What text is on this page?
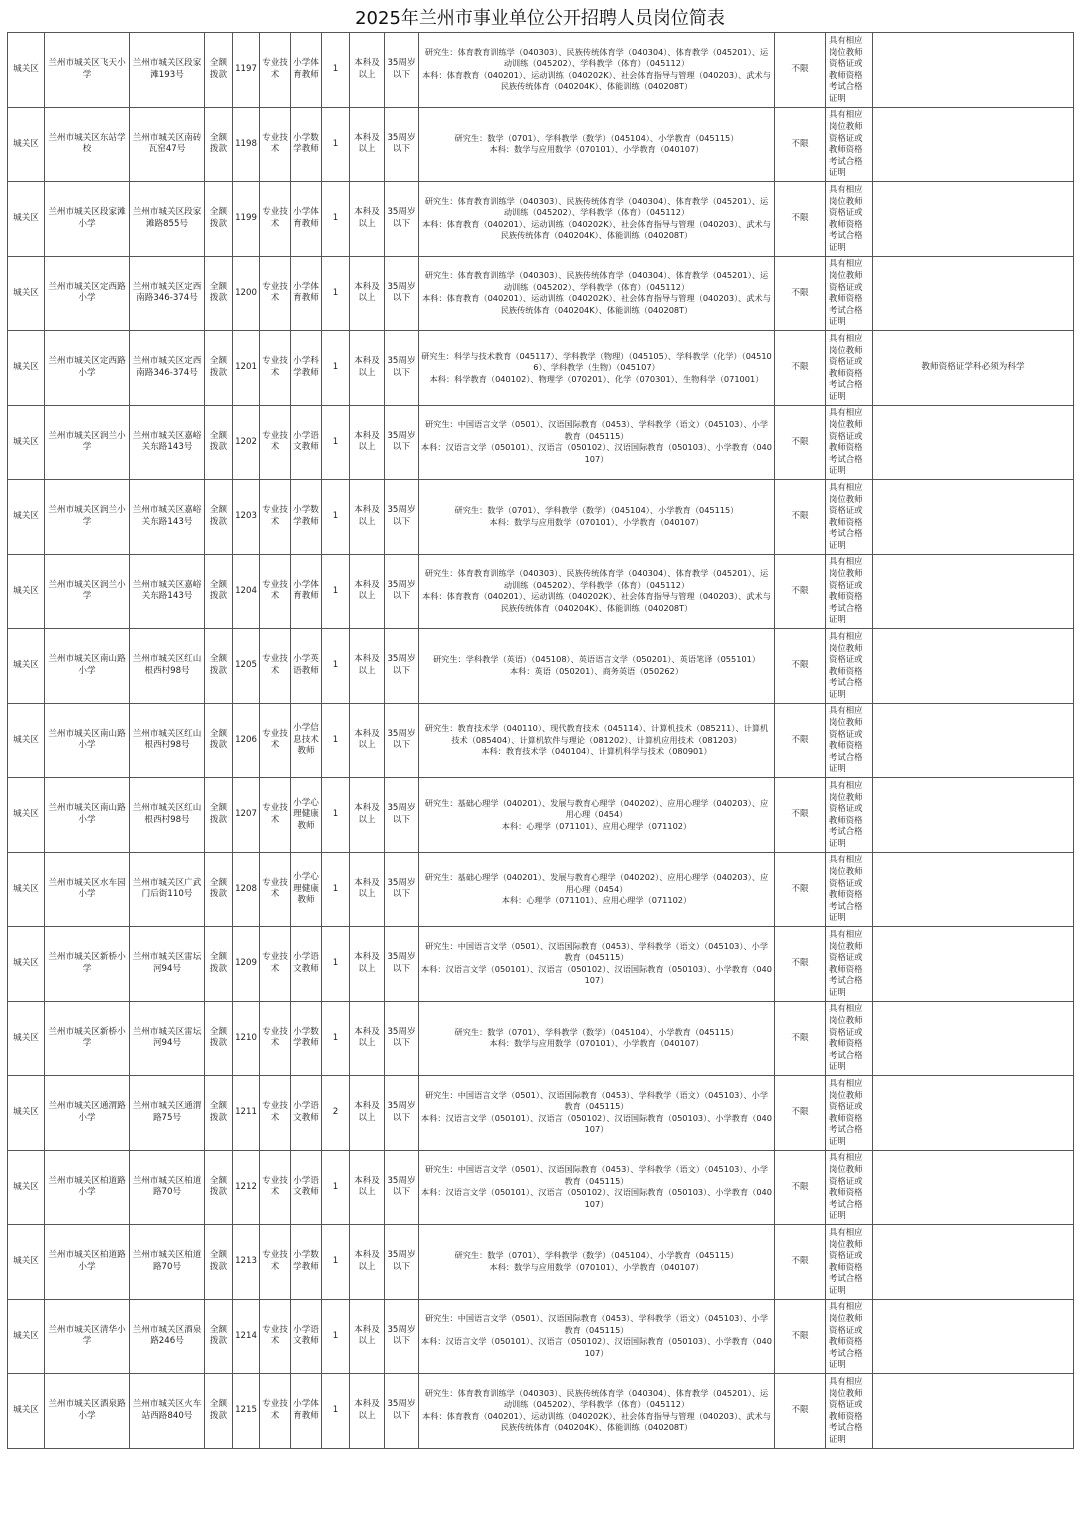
2025年兰州市事业单位公开招聘人员岗位简表
城关区	兰州市城关区飞天小学	兰州市城关区段家滩193号	全额拨款	1197	专业技术	小学体育教师	1	本科及以上	35周岁以下	研究生：体育教育训练学（040303）、民族传统体育学（040304）、体育教学（045201）、运动训练（045202）、学科教学（体育）（045112）
本科：体育教育（040201）、运动训练（040202K）、社会体育指导与管理（040203）、武术与民族传统体育（040204K）、体能训练（040208T）	不限	具有相应岗位教师资格证或教师资格考试合格证明	
城关区	兰州市城关区东站学校	兰州市城关区南砖瓦窑47号	全额拨款	1198	专业技术	小学数学教师	1	本科及以上	35周岁以下	研究生：数学（0701）、学科教学（数学）（045104）、小学教育（045115）
本科：数学与应用数学（070101）、小学教育（040107）	不限	具有相应岗位教师资格证或教师资格考试合格证明	
城关区	兰州市城关区段家滩小学	兰州市城关区段家滩路855号	全额拨款	1199	专业技术	小学体育教师	1	本科及以上	35周岁以下	研究生：体育教育训练学（040303）、民族传统体育学（040304）、体育教学（045201）、运动训练（045202）、学科教学（体育）（045112）
本科：体育教育（040201）、运动训练（040202K）、社会体育指导与管理（040203）、武术与民族传统体育（040204K）、体能训练（040208T）	不限	具有相应岗位教师资格证或教师资格考试合格证明	
城关区	兰州市城关区定西路小学	兰州市城关区定西南路346-374号	全额拨款	1200	专业技术	小学体育教师	1	本科及以上	35周岁以下	研究生：体育教育训练学（040303）、民族传统体育学（040304）、体育教学（045201）、运动训练（045202）、学科教学（体育）（045112）
本科：体育教育（040201）、运动训练（040202K）、社会体育指导与管理（040203）、武术与民族传统体育（040204K）、体能训练（040208T）	不限	具有相应岗位教师资格证或教师资格考试合格证明	
城关区	兰州市城关区定西路小学	兰州市城关区定西南路346-374号	全额拨款	1201	专业技术	小学科学教师	1	本科及以上	35周岁以下	研究生：科学与技术教育（045117）、学科教学（物理）（045105）、学科教学（化学）（045106）、学科教学（生物）（045107）
本科：科学教育（040102）、物理学（070201）、化学（070301）、生物科学（071001）	不限	具有相应岗位教师资格证或教师资格考试合格证明	教师资格证学科必须为科学
城关区	兰州市城关区润兰小学	兰州市城关区嘉峪关东路143号	全额拨款	1202	专业技术	小学语文教师	1	本科及以上	35周岁以下	研究生：中国语言文学（0501）、汉语国际教育（0453）、学科教学（语文）（045103）、小学教育（045115）
本科：汉语言文学（050101）、汉语言（050102）、汉语国际教育（050103）、小学教育（040107）	不限	具有相应岗位教师资格证或教师资格考试合格证明	
城关区	兰州市城关区润兰小学	兰州市城关区嘉峪关东路143号	全额拨款	1203	专业技术	小学数学教师	1	本科及以上	35周岁以下	研究生：数学（0701）、学科教学（数学）（045104）、小学教育（045115）
本科：数学与应用数学（070101）、小学教育（040107）	不限	具有相应岗位教师资格证或教师资格考试合格证明	
城关区	兰州市城关区润兰小学	兰州市城关区嘉峪关东路143号	全额拨款	1204	专业技术	小学体育教师	1	本科及以上	35周岁以下	研究生：体育教育训练学（040303）、民族传统体育学（040304）、体育教学（045201）、运动训练（045202）、学科教学（体育）（045112）
本科：体育教育（040201）、运动训练（040202K）、社会体育指导与管理（040203）、武术与民族传统体育（040204K）、体能训练（040208T）	不限	具有相应岗位教师资格证或教师资格考试合格证明	
城关区	兰州市城关区南山路小学	兰州市城关区红山根西村98号	全额拨款	1205	专业技术	小学英语教师	1	本科及以上	35周岁以下	研究生：学科教学（英语）（045108）、英语语言文学（050201）、英语笔译（055101）
本科：英语（050201）、商务英语（050262）	不限	具有相应岗位教师资格证或教师资格考试合格证明	
城关区	兰州市城关区南山路小学	兰州市城关区红山根西村98号	全额拨款	1206	专业技术	小学信息技术教师	1	本科及以上	35周岁以下	研究生：教育技术学（040110）、现代教育技术（045114）、计算机技术（085211）、计算机技术（085404）、计算机软件与理论（081202）、计算机应用技术（081203）
本科：教育技术学（040104）、计算机科学与技术（080901）	不限	具有相应岗位教师资格证或教师资格考试合格证明	
城关区	兰州市城关区南山路小学	兰州市城关区红山根西村98号	全额拨款	1207	专业技术	小学心理健康教师	1	本科及以上	35周岁以下	研究生：基础心理学（040201）、发展与教育心理学（040202）、应用心理学（040203）、应用心理（0454）
本科：心理学（071101）、应用心理学（071102）	不限	具有相应岗位教师资格证或教师资格考试合格证明	
城关区	兰州市城关区水车园小学	兰州市城关区广武门后街110号	全额拨款	1208	专业技术	小学心理健康教师	1	本科及以上	35周岁以下	研究生：基础心理学（040201）、发展与教育心理学（040202）、应用心理学（040203）、应用心理（0454）
本科：心理学（071101）、应用心理学（071102）	不限	具有相应岗位教师资格证或教师资格考试合格证明	
城关区	兰州市城关区新桥小学	兰州市城关区雷坛河94号	全额拨款	1209	专业技术	小学语文教师	1	本科及以上	35周岁以下	研究生：中国语言文学（0501）、汉语国际教育（0453）、学科教学（语文）（045103）、小学教育（045115）
本科：汉语言文学（050101）、汉语言（050102）、汉语国际教育（050103）、小学教育（040107）	不限	具有相应岗位教师资格证或教师资格考试合格证明	
城关区	兰州市城关区新桥小学	兰州市城关区雷坛河94号	全额拨款	1210	专业技术	小学数学教师	1	本科及以上	35周岁以下	研究生：数学（0701）、学科教学（数学）（045104）、小学教育（045115）
本科：数学与应用数学（070101）、小学教育（040107）	不限	具有相应岗位教师资格证或教师资格考试合格证明	
城关区	兰州市城关区通渭路小学	兰州市城关区通渭路75号	全额拨款	1211	专业技术	小学语文教师	2	本科及以上	35周岁以下	研究生：中国语言文学（0501）、汉语国际教育（0453）、学科教学（语文）（045103）、小学教育（045115）
本科：汉语言文学（050101）、汉语言（050102）、汉语国际教育（050103）、小学教育（040107）	不限	具有相应岗位教师资格证或教师资格考试合格证明	
城关区	兰州市城关区柏道路小学	兰州市城关区柏道路70号	全额拨款	1212	专业技术	小学语文教师	1	本科及以上	35周岁以下	研究生：中国语言文学（0501）、汉语国际教育（0453）、学科教学（语文）（045103）、小学教育（045115）
本科：汉语言文学（050101）、汉语言（050102）、汉语国际教育（050103）、小学教育（040107）	不限	具有相应岗位教师资格证或教师资格考试合格证明	
城关区	兰州市城关区柏道路小学	兰州市城关区柏道路70号	全额拨款	1213	专业技术	小学数学教师	1	本科及以上	35周岁以下	研究生：数学（0701）、学科教学（数学）（045104）、小学教育（045115）
本科：数学与应用数学（070101）、小学教育（040107）	不限	具有相应岗位教师资格证或教师资格考试合格证明	
城关区	兰州市城关区清华小学	兰州市城关区酒泉路246号	全额拨款	1214	专业技术	小学语文教师	1	本科及以上	35周岁以下	研究生：中国语言文学（0501）、汉语国际教育（0453）、学科教学（语文）（045103）、小学教育（045115）
本科：汉语言文学（050101）、汉语言（050102）、汉语国际教育（050103）、小学教育（040107）	不限	具有相应岗位教师资格证或教师资格考试合格证明	
城关区	兰州市城关区酒泉路小学	兰州市城关区火车站西路840号	全额拨款	1215	专业技术	小学体育教师	1	本科及以上	35周岁以下	研究生：体育教育训练学（040303）、民族传统体育学（040304）、体育教学（045201）、运动训练（045202）、学科教学（体育）（045112）
本科：体育教育（040201）、运动训练（040202K）、社会体育指导与管理（040203）、武术与民族传统体育（040204K）、体能训练（040208T）	不限	具有相应岗位教师资格证或教师资格考试合格证明	
